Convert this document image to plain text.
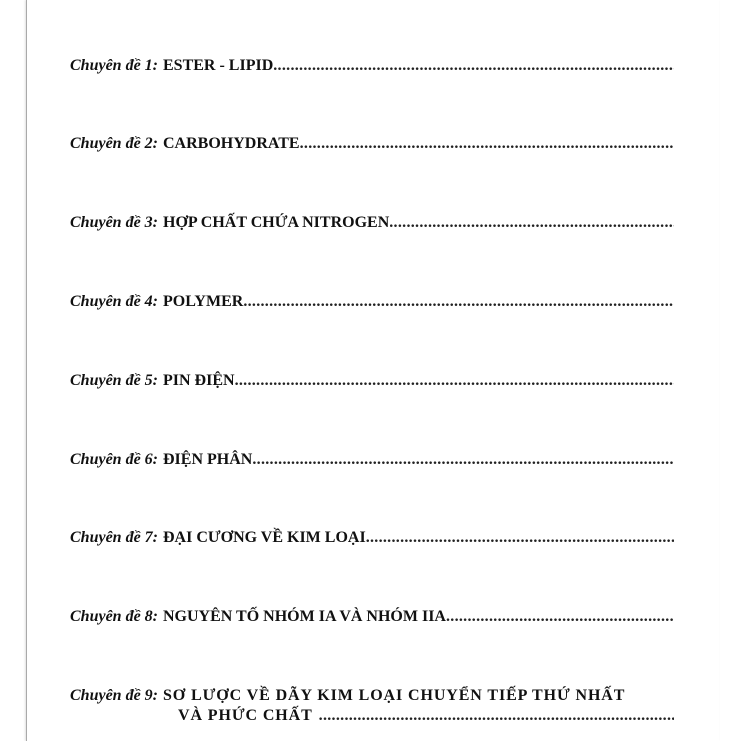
Chuyên đề 1: ESTER - LIPID
.....
Chuyên đề 2: CARBOHYDRATE
.....
Chuyên đề 3: HỢP CHẤT CHỨA NITROGEN
.....
Chuyên đề 4: POLYMER
.....
Chuyên đề 5: PIN ĐIỆN
.....
Chuyên đề 6: ĐIỆN PHÂN
.....
Chuyên đề 7: ĐẠI CƯƠNG VỀ KIM LOẠI
.....
Chuyên đề 8: NGUYÊN TỐ NHÓM IA VÀ NHÓM IIA
.....
Chuyên đề 9: SƠ LƯỢC VỀ DÃY KIM LOẠI CHUYỂN TIẾP THỨ NHẤT
VÀ PHỨC CHẤT
.....
